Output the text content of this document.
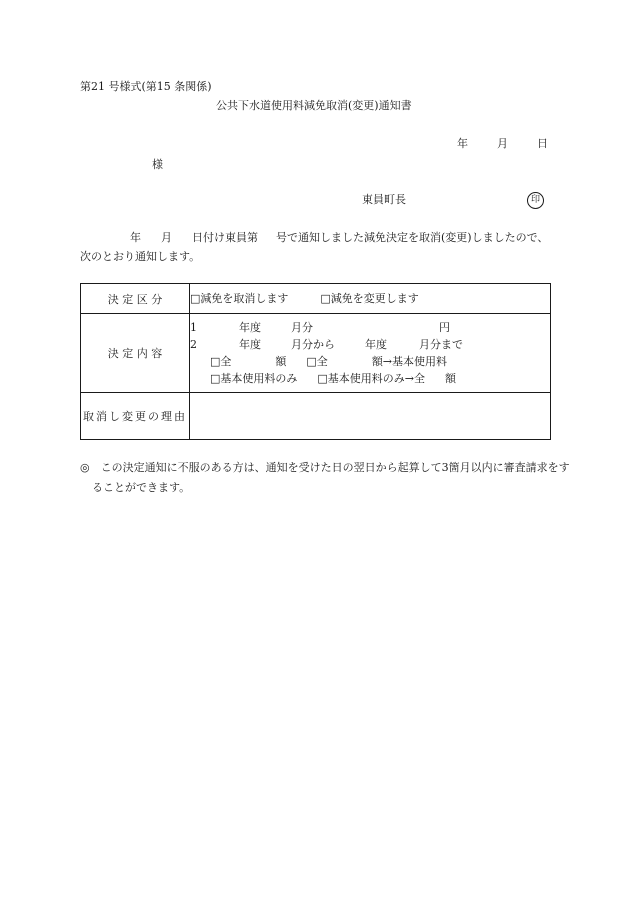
第21 号様式(第15 条関係)
公共下水道使用料減免取消(変更)通知書
年	月	日
様
東員町長	印
年 月 日付け東員第 号で通知しました減免決定を取消(変更)しましたので、
次のとおり通知します。
決 定 区 分	□減免を取消します □減免を変更します

決 定 内 容	1 年度 月分 円
2 年度 月分から 年度 月分まで
□全 額 □全 額→基本使用料
□基本使用料のみ □基本使用料のみ→全 額

取消し変更の理由	
◎　この決定通知に不服のある方は、通知を受けた日の翌日から起算して3箇月以内に審査請求をす
ることができます。
